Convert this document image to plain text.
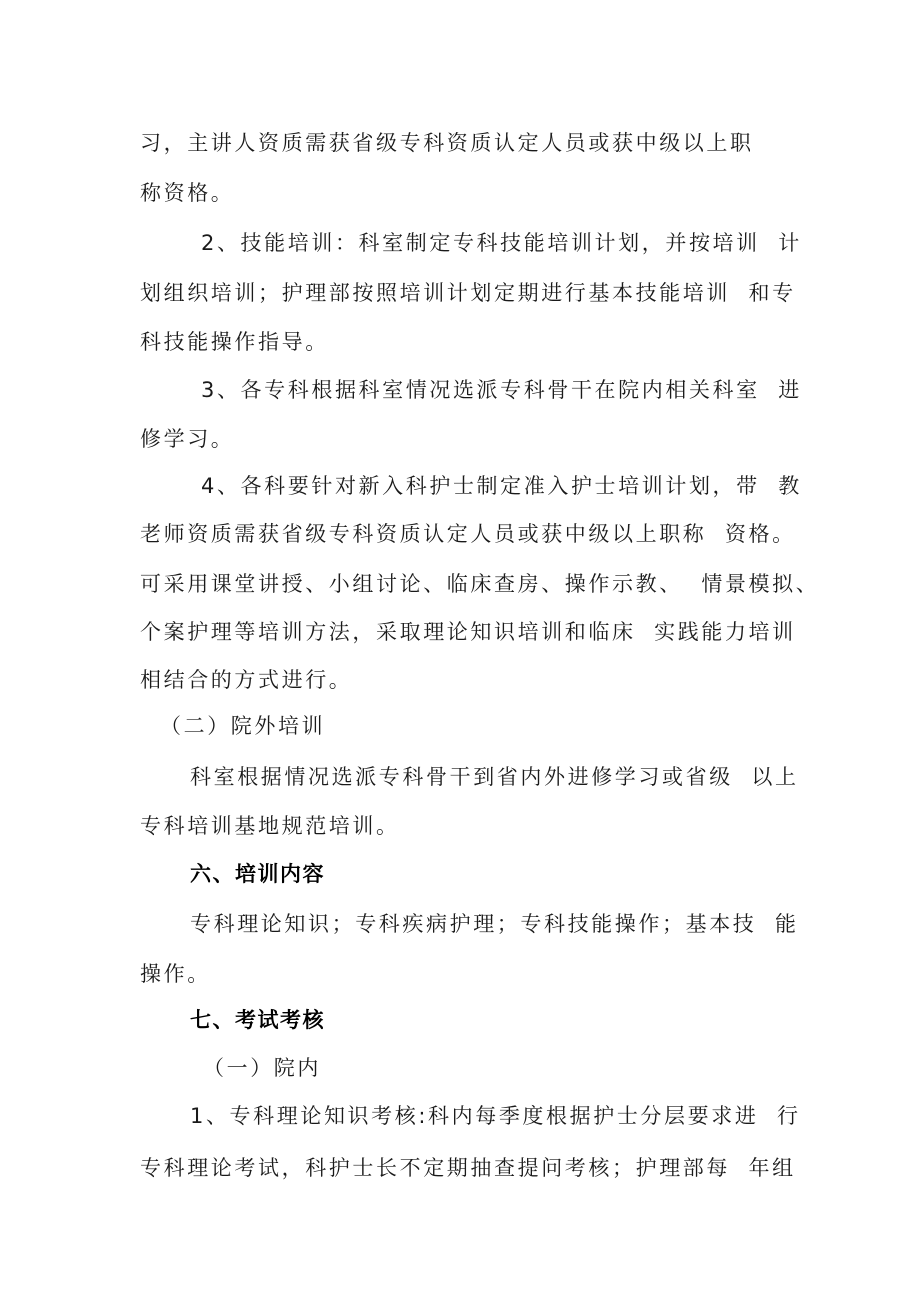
习，主讲人资质需获省级专科资质认定人员或获中级以上职
称资格。
2、技能培训：科室制定专科技能培训计划，并按培训  计
划组织培训；护理部按照培训计划定期进行基本技能培训  和专
科技能操作指导。
3、各专科根据科室情况选派专科骨干在院内相关科室  进
修学习。
4、各科要针对新入科护士制定准入护士培训计划，带  教
老师资质需获省级专科资质认定人员或获中级以上职称  资格。
可采用课堂讲授、小组讨论、临床查房、操作示教、  情景模拟、
个案护理等培训方法，采取理论知识培训和临床  实践能力培训
相结合的方式进行。
（二）院外培训
科室根据情况选派专科骨干到省内外进修学习或省级  以上
专科培训基地规范培训。
六、培训内容
专科理论知识；专科疾病护理；专科技能操作；基本技  能
操作。
七、考试考核
（一）院内
1、专科理论知识考核:科内每季度根据护士分层要求进  行
专科理论考试，科护士长不定期抽查提问考核；护理部每  年组
